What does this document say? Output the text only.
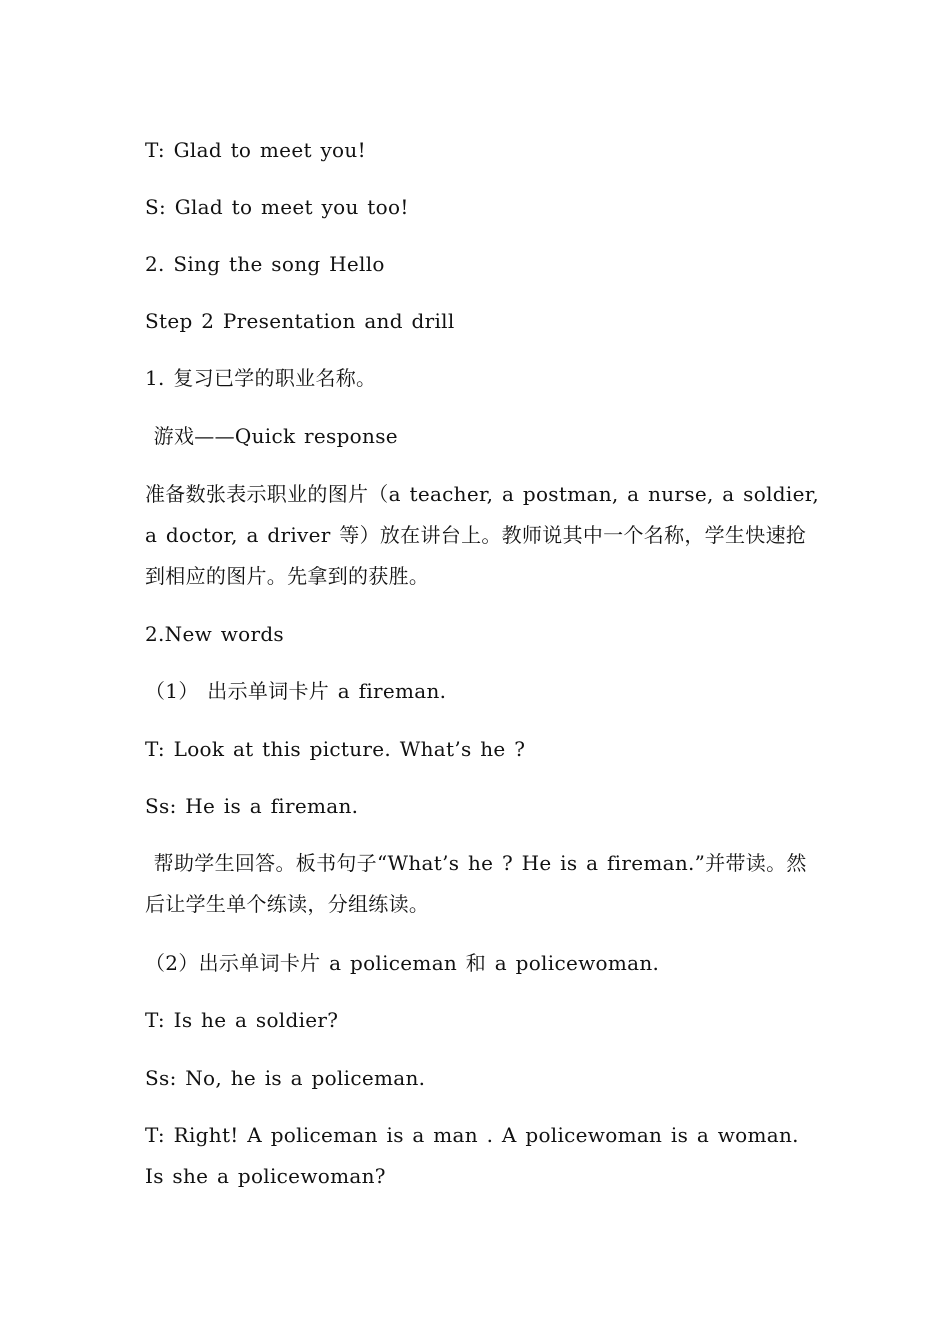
T: Glad to meet you!
S: Glad to meet you too!
2. Sing the song Hello
Step 2 Presentation and drill
1. 复习已学的职业名称。
游戏——Quick response
准备数张表示职业的图片（a teacher, a postman, a nurse, a soldier, a doctor, a driver 等）放在讲台上。教师说其中一个名称，学生快速抢到相应的图片。先拿到的获胜。
2.New words
（1） 出示单词卡片 a fireman.
T: Look at this picture. What’s he ?
Ss: He is a fireman.
帮助学生回答。板书句子“What’s he ? He is a fireman.”并带读。然后让学生单个练读，分组练读。
（2）出示单词卡片 a policeman 和 a policewoman.
T: Is he a soldier?
Ss: No, he is a policeman.
T: Right! A policeman is a man . A policewoman is a woman. Is she a policewoman?
